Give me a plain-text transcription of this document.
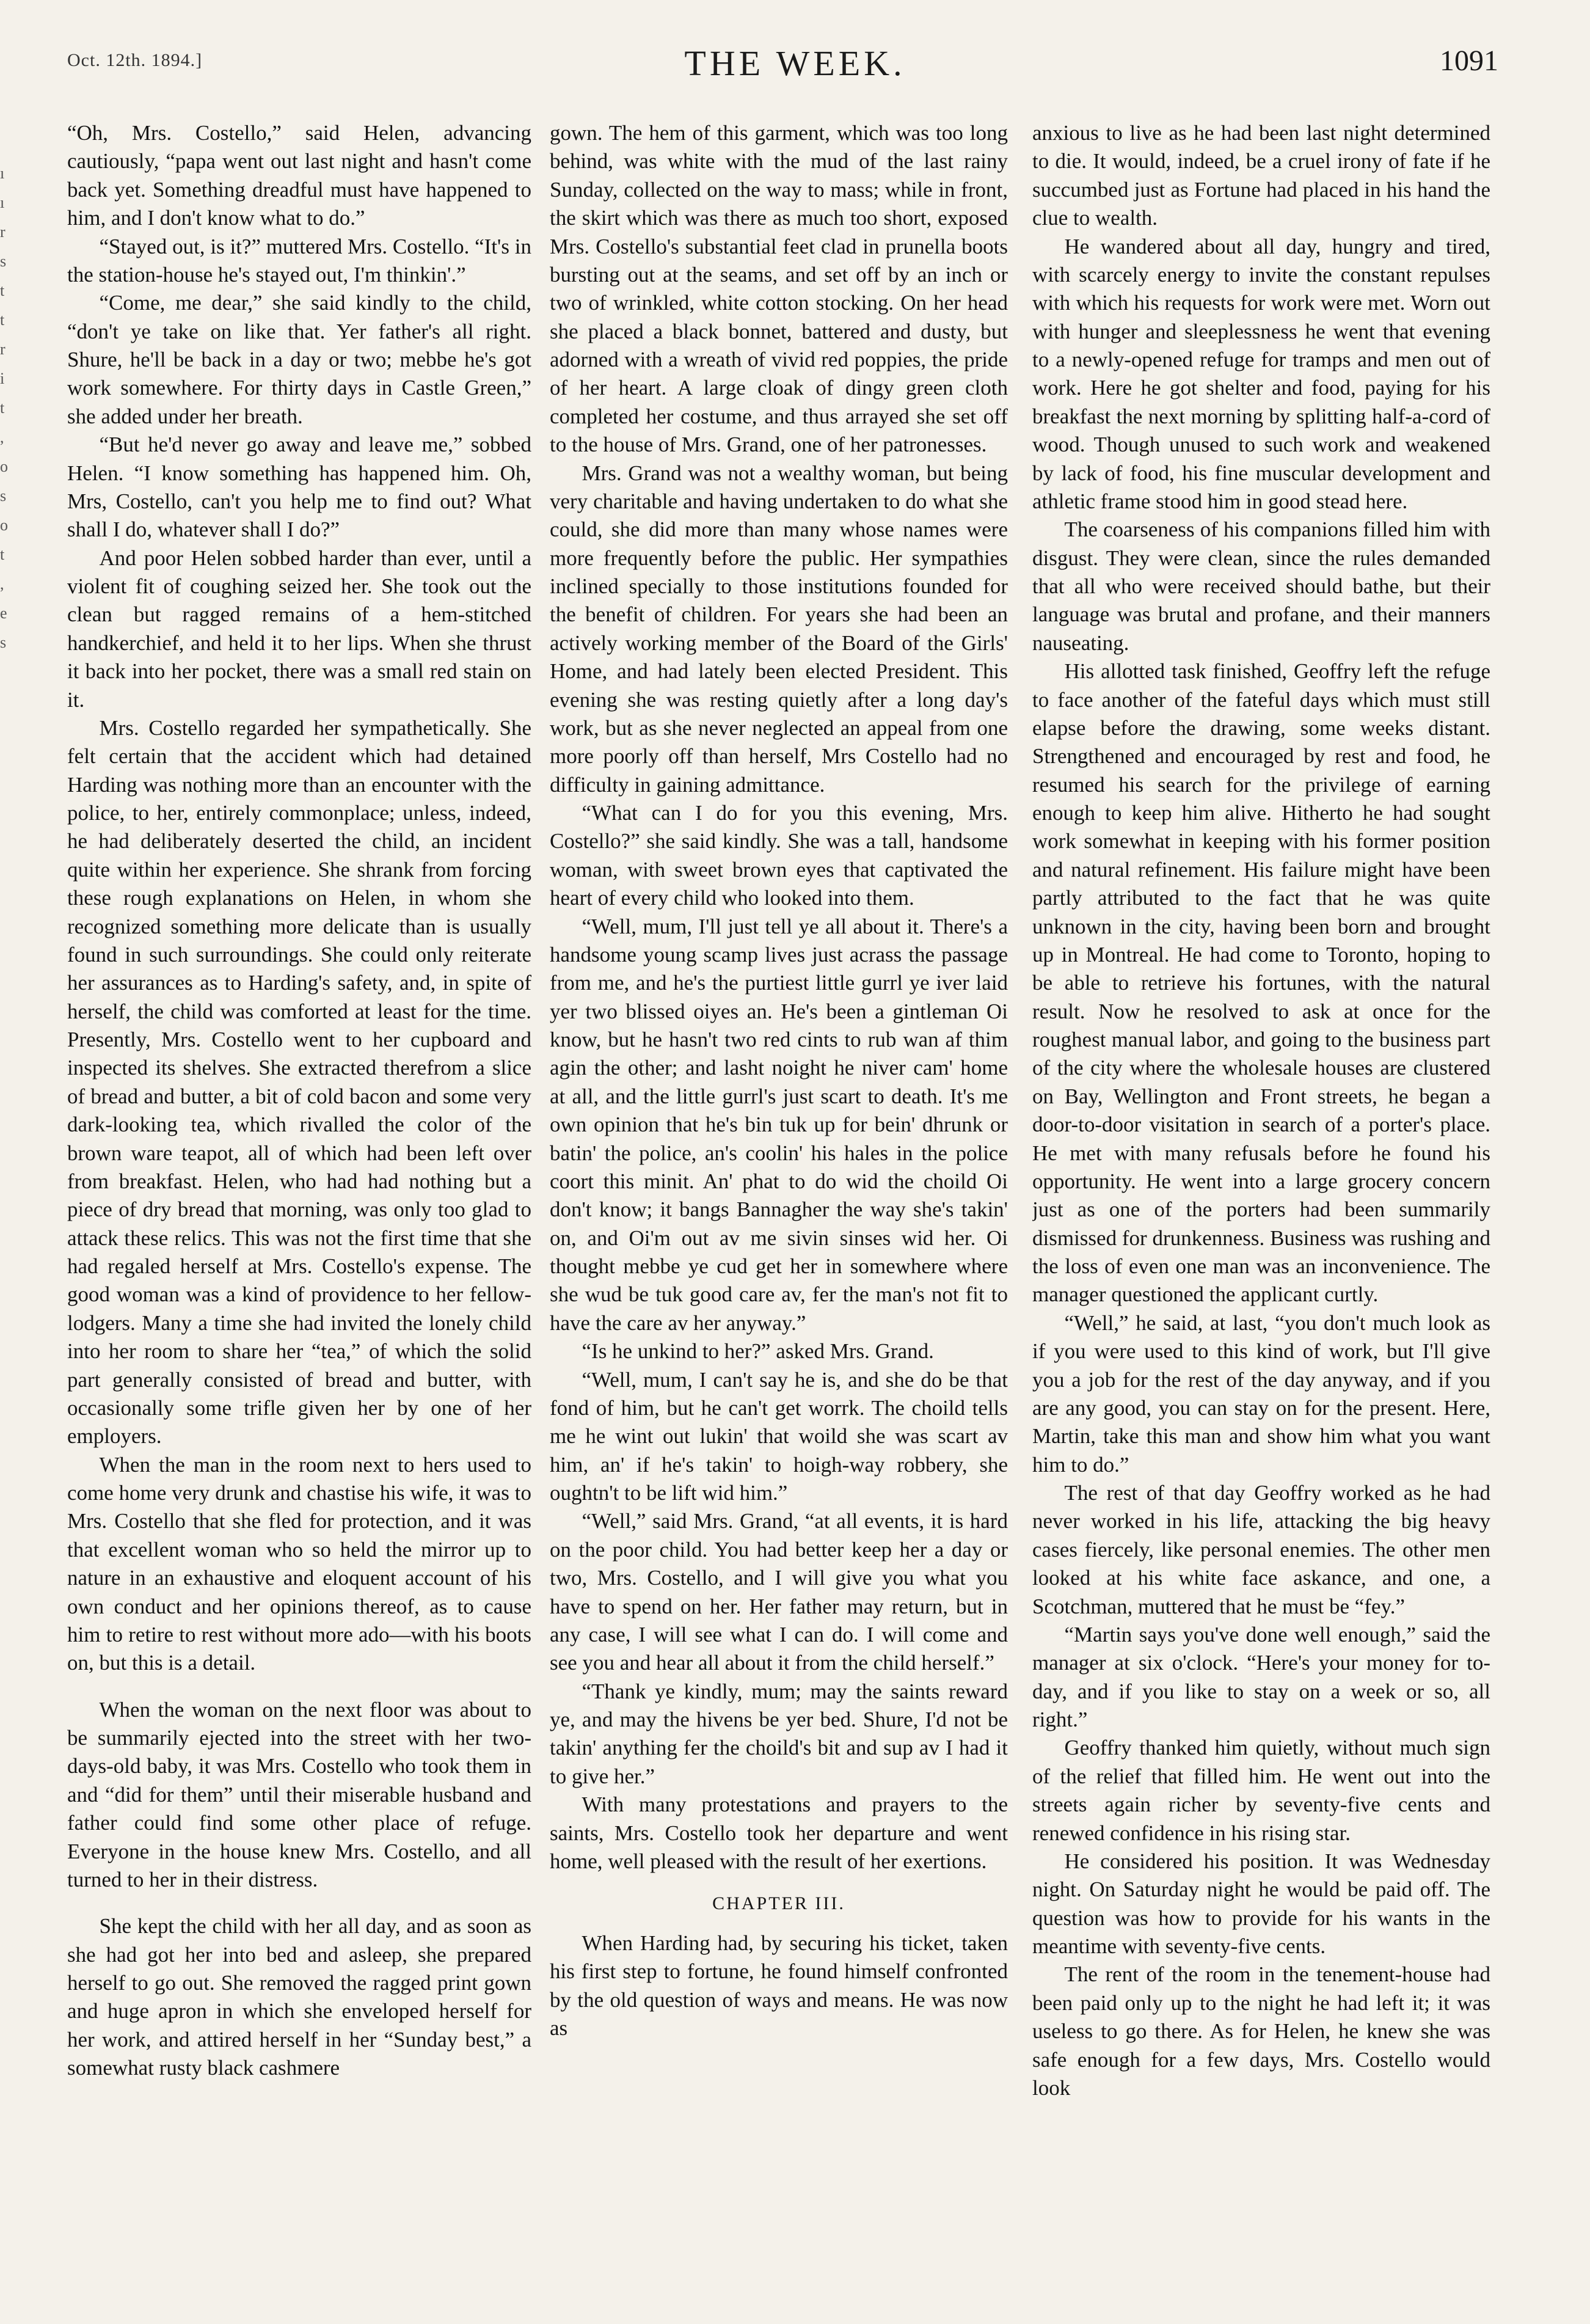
Oct. 12th. 1894.]	THE WEEK.	1091
ı
ı
r
s
t
t
r
i
t
,
o
s
o
t
,
e
s

“Oh, Mrs. Costello,” said Helen, advancing cautiously, “papa went out last night and hasn't come back yet. Something dreadful must have happened to him, and I don't know what to do.”

“Stayed out, is it?” muttered Mrs. Costello. “It's in the station-house he's stayed out, I'm thinkin'.”

“Come, me dear,” she said kindly to the child, “don't ye take on like that. Yer father's all right. Shure, he'll be back in a day or two; mebbe he's got work somewhere. For thirty days in Castle Green,” she added under her breath.

“But he'd never go away and leave me,” sobbed Helen. “I know something has happened him. Oh, Mrs, Costello, can't you help me to find out? What shall I do, whatever shall I do?”

And poor Helen sobbed harder than ever, until a violent fit of coughing seized her. She took out the clean but ragged remains of a hem-stitched handkerchief, and held it to her lips. When she thrust it back into her pocket, there was a small red stain on it.

Mrs. Costello regarded her sympathetically. She felt certain that the accident which had detained Harding was nothing more than an encounter with the police, to her, entirely commonplace; unless, indeed, he had deliberately deserted the child, an incident quite within her experience. She shrank from forcing these rough explanations on Helen, in whom she recognized something more delicate than is usually found in such surroundings. She could only reiterate her assurances as to Harding's safety, and, in spite of herself, the child was comforted at least for the time. Presently, Mrs. Costello went to her cupboard and inspected its shelves. She extracted therefrom a slice of bread and butter, a bit of cold bacon and some very dark-looking tea, which rivalled the color of the brown ware teapot, all of which had been left over from breakfast. Helen, who had had nothing but a piece of dry bread that morning, was only too glad to attack these relics. This was not the first time that she had regaled herself at Mrs. Costello's expense. The good woman was a kind of providence to her fellow-lodgers. Many a time she had invited the lonely child into her room to share her “tea,” of which the solid part generally consisted of bread and butter, with occasionally some trifle given her by one of her employers.

When the man in the room next to hers used to come home very drunk and chastise his wife, it was to Mrs. Costello that she fled for protection, and it was that excellent woman who so held the mirror up to nature in an exhaustive and eloquent account of his own conduct and her opinions thereof, as to cause him to retire to rest without more ado—with his boots on, but this is a detail.

When the woman on the next floor was about to be summarily ejected into the street with her two-days-old baby, it was Mrs. Costello who took them in and “did for them” until their miserable husband and father could find some other place of refuge. Everyone in the house knew Mrs. Costello, and all turned to her in their distress.

She kept the child with her all day, and as soon as she had got her into bed and asleep, she prepared herself to go out. She removed the ragged print gown and huge apron in which she enveloped herself for her work, and attired herself in her “Sunday best,” a somewhat rusty black cashmere

gown. The hem of this garment, which was too long behind, was white with the mud of the last rainy Sunday, collected on the way to mass; while in front, the skirt which was there as much too short, exposed Mrs. Costello's substantial feet clad in prunella boots bursting out at the seams, and set off by an inch or two of wrinkled, white cotton stocking. On her head she placed a black bonnet, battered and dusty, but adorned with a wreath of vivid red poppies, the pride of her heart. A large cloak of dingy green cloth completed her costume, and thus arrayed she set off to the house of Mrs. Grand, one of her patronesses.

Mrs. Grand was not a wealthy woman, but being very charitable and having undertaken to do what she could, she did more than many whose names were more frequently before the public. Her sympathies inclined specially to those institutions founded for the benefit of children. For years she had been an actively working member of the Board of the Girls' Home, and had lately been elected President. This evening she was resting quietly after a long day's work, but as she never neglected an appeal from one more poorly off than herself, Mrs Costello had no difficulty in gaining admittance.

“What can I do for you this evening, Mrs. Costello?” she said kindly. She was a tall, handsome woman, with sweet brown eyes that captivated the heart of every child who looked into them.

“Well, mum, I'll just tell ye all about it. There's a handsome young scamp lives just acrass the passage from me, and he's the purtiest little gurrl ye iver laid yer two blissed oiyes an. He's been a gintleman Oi know, but he hasn't two red cints to rub wan af thim agin the other; and lasht noight he niver cam' home at all, and the little gurrl's just scart to death. It's me own opinion that he's bin tuk up for bein' dhrunk or batin' the police, an's coolin' his hales in the police coort this minit. An' phat to do wid the choild Oi don't know; it bangs Bannagher the way she's takin' on, and Oi'm out av me sivin sinses wid her. Oi thought mebbe ye cud get her in somewhere where she wud be tuk good care av, fer the man's not fit to have the care av her anyway.”

“Is he unkind to her?” asked Mrs. Grand.

“Well, mum, I can't say he is, and she do be that fond of him, but he can't get worrk. The choild tells me he wint out lukin' that woild she was scart av him, an' if he's takin' to hoigh-way robbery, she oughtn't to be lift wid him.”

“Well,” said Mrs. Grand, “at all events, it is hard on the poor child. You had better keep her a day or two, Mrs. Costello, and I will give you what you have to spend on her. Her father may return, but in any case, I will see what I can do. I will come and see you and hear all about it from the child herself.”

“Thank ye kindly, mum; may the saints reward ye, and may the hivens be yer bed. Shure, I'd not be takin' anything fer the choild's bit and sup av I had it to give her.”

With many protestations and prayers to the saints, Mrs. Costello took her departure and went home, well pleased with the result of her exertions.

CHAPTER III.

When Harding had, by securing his ticket, taken his first step to fortune, he found himself confronted by the old question of ways and means. He was now as

anxious to live as he had been last night determined to die. It would, indeed, be a cruel irony of fate if he succumbed just as Fortune had placed in his hand the clue to wealth.

He wandered about all day, hungry and tired, with scarcely energy to invite the constant repulses with which his requests for work were met. Worn out with hunger and sleeplessness he went that evening to a newly-opened refuge for tramps and men out of work. Here he got shelter and food, paying for his breakfast the next morning by splitting half-a-cord of wood. Though unused to such work and weakened by lack of food, his fine muscular development and athletic frame stood him in good stead here.

The coarseness of his companions filled him with disgust. They were clean, since the rules demanded that all who were received should bathe, but their language was brutal and profane, and their manners nauseating.

His allotted task finished, Geoffry left the refuge to face another of the fateful days which must still elapse before the drawing, some weeks distant. Strengthened and encouraged by rest and food, he resumed his search for the privilege of earning enough to keep him alive. Hitherto he had sought work somewhat in keeping with his former position and natural refinement. His failure might have been partly attributed to the fact that he was quite unknown in the city, having been born and brought up in Montreal. He had come to Toronto, hoping to be able to retrieve his fortunes, with the natural result. Now he resolved to ask at once for the roughest manual labor, and going to the business part of the city where the wholesale houses are clustered on Bay, Wellington and Front streets, he began a door-to-door visitation in search of a porter's place. He met with many refusals before he found his opportunity. He went into a large grocery concern just as one of the porters had been summarily dismissed for drunkenness. Business was rushing and the loss of even one man was an inconvenience. The manager questioned the applicant curtly.

“Well,” he said, at last, “you don't much look as if you were used to this kind of work, but I'll give you a job for the rest of the day anyway, and if you are any good, you can stay on for the present. Here, Martin, take this man and show him what you want him to do.”

The rest of that day Geoffry worked as he had never worked in his life, attacking the big heavy cases fiercely, like personal enemies. The other men looked at his white face askance, and one, a Scotchman, muttered that he must be “fey.”

“Martin says you've done well enough,” said the manager at six o'clock. “Here's your money for to-day, and if you like to stay on a week or so, all right.”

Geoffry thanked him quietly, without much sign of the relief that filled him. He went out into the streets again richer by seventy-five cents and renewed confidence in his rising star.

He considered his position. It was Wednesday night. On Saturday night he would be paid off. The question was how to provide for his wants in the meantime with seventy-five cents.

The rent of the room in the tenement-house had been paid only up to the night he had left it; it was useless to go there. As for Helen, he knew she was safe enough for a few days, Mrs. Costello would look
